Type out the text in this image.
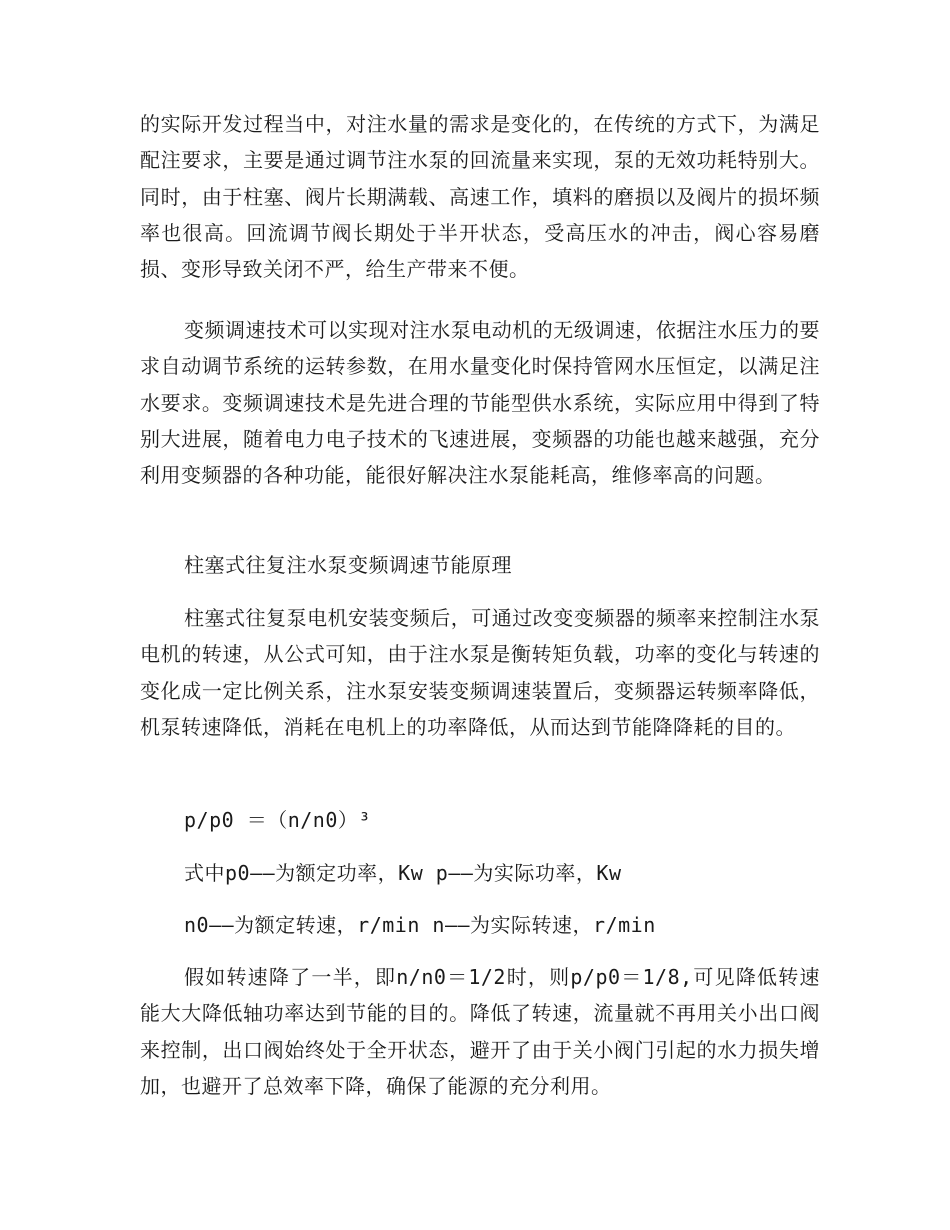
的实际开发过程当中，对注水量的需求是变化的，在传统的方式下，为满足配注要求，主要是通过调节注水泵的回流量来实现，泵的无效功耗特别大。同时，由于柱塞、阀片长期满载、高速工作，填料的磨损以及阀片的损坏频率也很高。回流调节阀长期处于半开状态，受高压水的冲击，阀心容易磨损、变形导致关闭不严，给生产带来不便。

变频调速技术可以实现对注水泵电动机的无级调速，依据注水压力的要求自动调节系统的运转参数，在用水量变化时保持管网水压恒定，以满足注水要求。变频调速技术是先进合理的节能型供水系统，实际应用中得到了特别大进展，随着电力电子技术的飞速进展，变频器的功能也越来越强，充分利用变频器的各种功能，能很好解决注水泵能耗高，维修率高的问题。

柱塞式往复注水泵变频调速节能原理

柱塞式往复泵电机安装变频后，可通过改变变频器的频率来控制注水泵电机的转速，从公式可知，由于注水泵是衡转矩负载，功率的变化与转速的变化成一定比例关系，注水泵安装变频调速装置后，变频器运转频率降低，机泵转速降低，消耗在电机上的功率降低，从而达到节能降降耗的目的。

p/p0 ＝（n/n0）³

式中p0——为额定功率，Kw p——为实际功率，Kw

n0——为额定转速，r/min n——为实际转速，r/min

假如转速降了一半，即n/n0＝1/2时，则p/p0＝1/8,可见降低转速能大大降低轴功率达到节能的目的。降低了转速，流量就不再用关小出口阀来控制，出口阀始终处于全开状态，避开了由于关小阀门引起的水力损失增加，也避开了总效率下降，确保了能源的充分利用。
